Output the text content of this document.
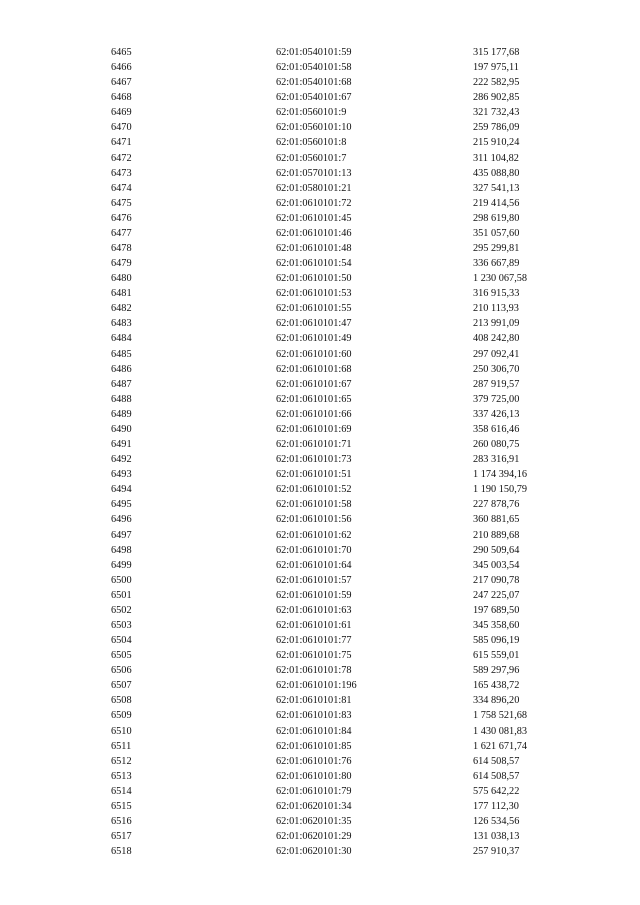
6465	62:01:0540101:59	315 177,68
6466	62:01:0540101:58	197 975,11
6467	62:01:0540101:68	222 582,95
6468	62:01:0540101:67	286 902,85
6469	62:01:0560101:9	321 732,43
6470	62:01:0560101:10	259 786,09
6471	62:01:0560101:8	215 910,24
6472	62:01:0560101:7	311 104,82
6473	62:01:0570101:13	435 088,80
6474	62:01:0580101:21	327 541,13
6475	62:01:0610101:72	219 414,56
6476	62:01:0610101:45	298 619,80
6477	62:01:0610101:46	351 057,60
6478	62:01:0610101:48	295 299,81
6479	62:01:0610101:54	336 667,89
6480	62:01:0610101:50	1 230 067,58
6481	62:01:0610101:53	316 915,33
6482	62:01:0610101:55	210 113,93
6483	62:01:0610101:47	213 991,09
6484	62:01:0610101:49	408 242,80
6485	62:01:0610101:60	297 092,41
6486	62:01:0610101:68	250 306,70
6487	62:01:0610101:67	287 919,57
6488	62:01:0610101:65	379 725,00
6489	62:01:0610101:66	337 426,13
6490	62:01:0610101:69	358 616,46
6491	62:01:0610101:71	260 080,75
6492	62:01:0610101:73	283 316,91
6493	62:01:0610101:51	1 174 394,16
6494	62:01:0610101:52	1 190 150,79
6495	62:01:0610101:58	227 878,76
6496	62:01:0610101:56	360 881,65
6497	62:01:0610101:62	210 889,68
6498	62:01:0610101:70	290 509,64
6499	62:01:0610101:64	345 003,54
6500	62:01:0610101:57	217 090,78
6501	62:01:0610101:59	247 225,07
6502	62:01:0610101:63	197 689,50
6503	62:01:0610101:61	345 358,60
6504	62:01:0610101:77	585 096,19
6505	62:01:0610101:75	615 559,01
6506	62:01:0610101:78	589 297,96
6507	62:01:0610101:196	165 438,72
6508	62:01:0610101:81	334 896,20
6509	62:01:0610101:83	1 758 521,68
6510	62:01:0610101:84	1 430 081,83
6511	62:01:0610101:85	1 621 671,74
6512	62:01:0610101:76	614 508,57
6513	62:01:0610101:80	614 508,57
6514	62:01:0610101:79	575 642,22
6515	62:01:0620101:34	177 112,30
6516	62:01:0620101:35	126 534,56
6517	62:01:0620101:29	131 038,13
6518	62:01:0620101:30	257 910,37
